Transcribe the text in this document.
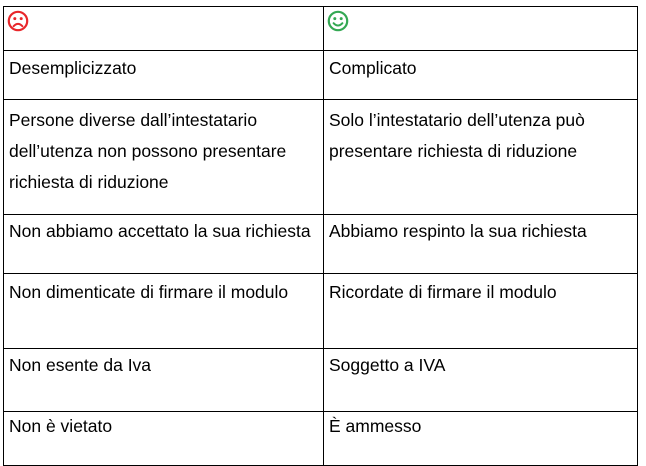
Desemplicizzato	Complicato
Persone diverse dall’intestatario dell’utenza non possono presentare richiesta di riduzione	Solo l’intestatario dell’utenza può presentare richiesta di riduzione
Non abbiamo accettato la sua richiesta	Abbiamo respinto la sua richiesta
Non dimenticate di firmare il modulo	Ricordate di firmare il modulo
Non esente da Iva	Soggetto a IVA
Non è vietato	È ammesso
